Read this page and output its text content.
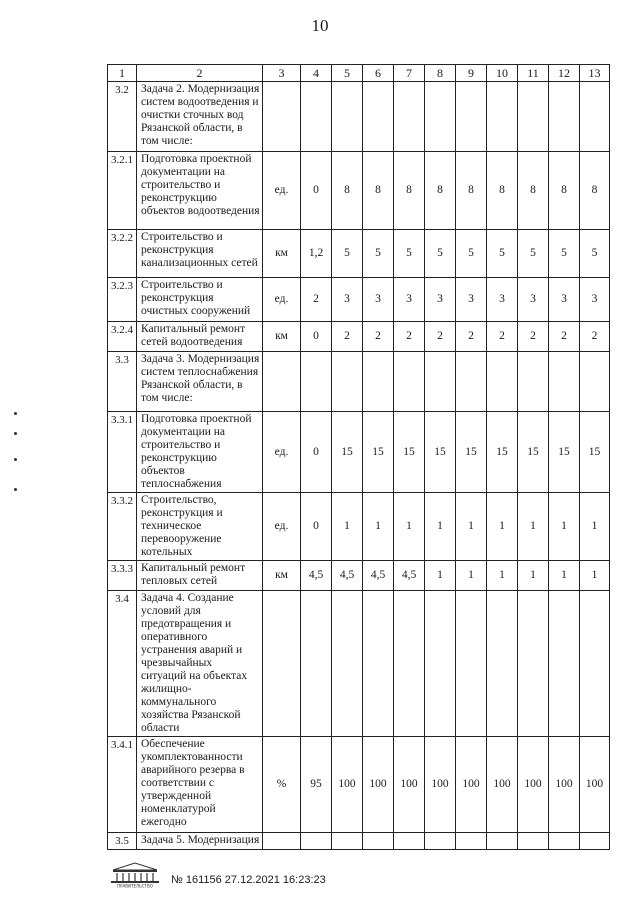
10
1	2	3	4	5	6	7	8	9	10	11	12	13
3.2	Задача 2. Модернизация систем водоотведения и очистки сточных вод Рязанской области, в том числе:											
3.2.1	Подготовка проектной документации на строительство и реконструкцию объектов водоотведения	ед.	0	8	8	8	8	8	8	8	8	8
3.2.2	Строительство и реконструкция канализационных сетей	км	1,2	5	5	5	5	5	5	5	5	5
3.2.3	Строительство и реконструкция очистных сооружений	ед.	2	3	3	3	3	3	3	3	3	3
3.2.4	Капитальный ремонт сетей водоотведения	км	0	2	2	2	2	2	2	2	2	2
3.3	Задача 3. Модернизация систем теплоснабжения Рязанской области, в том числе:											
3.3.1	Подготовка проектной документации на строительство и реконструкцию объектов теплоснабжения	ед.	0	15	15	15	15	15	15	15	15	15
3.3.2	Строительство, реконструкция и техническое перевооружение котельных	ед.	0	1	1	1	1	1	1	1	1	1
3.3.3	Капитальный ремонт тепловых сетей	км	4,5	4,5	4,5	4,5	1	1	1	1	1	1
3.4	Задача 4. Создание условий для предотвращения и оперативного устранения аварий и чрезвычайных ситуаций на объектах жилищно-коммунального хозяйства Рязанской области											
3.4.1	Обеспечение укомплектованности аварийного резерва в соответствии с утвержденной номенклатурой ежегодно	%	95	100	100	100	100	100	100	100	100	100
3.5	Задача 5. Модернизация											
ПРАВИТЕЛЬСТВО № 161156 27.12.2021 16:23:23
